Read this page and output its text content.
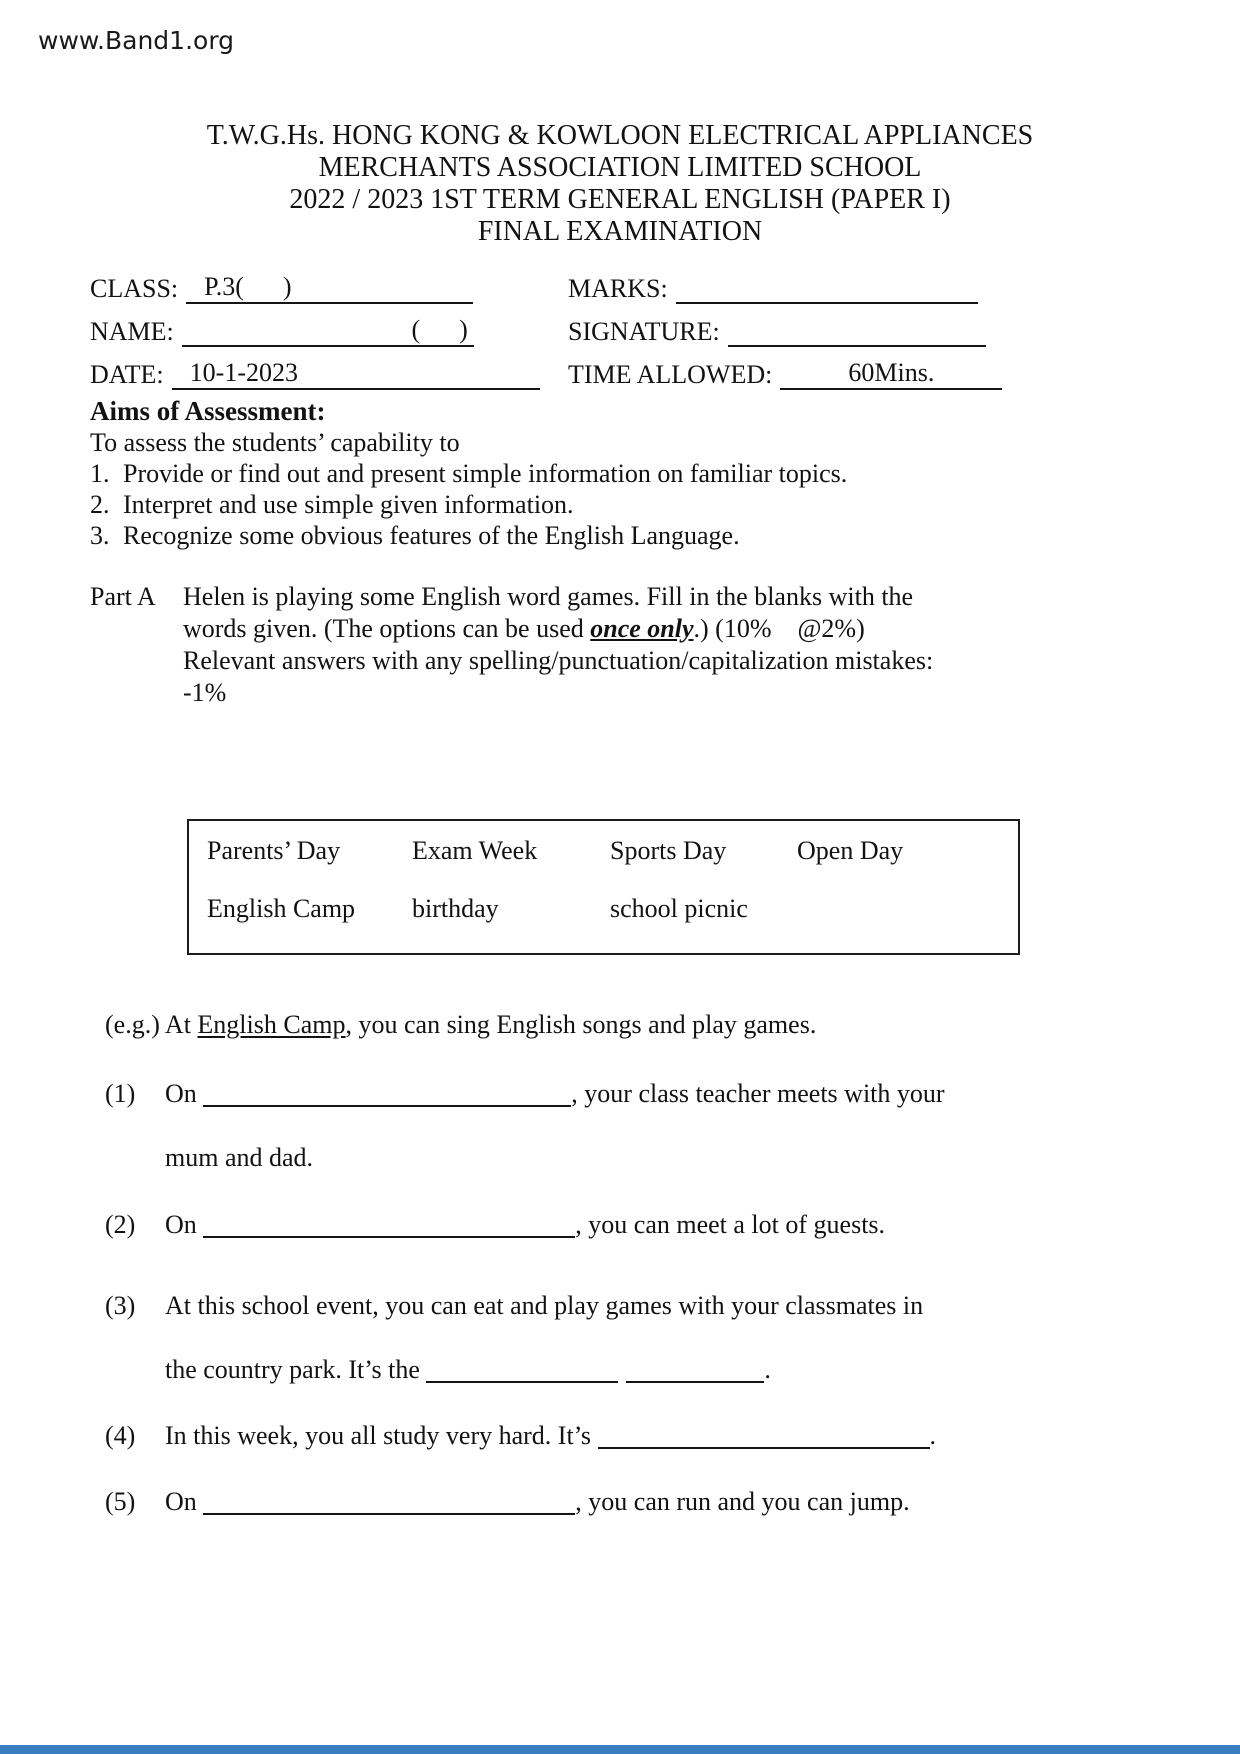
www.Band1.org
T.W.G.Hs. HONG KONG & KOWLOON ELECTRICAL APPLIANCES
MERCHANTS ASSOCIATION LIMITED SCHOOL
2022 / 2023 1ST TERM GENERAL ENGLISH (PAPER I)
FINAL EXAMINATION
CLASS:	P.3(      )	MARKS:
NAME:	(      )	SIGNATURE:
DATE:	10-1-2023	TIME ALLOWED:	60Mins.
Aims of Assessment:
To assess the students’ capability to
1. Provide or find out and present simple information on familiar topics.
2. Interpret and use simple given information.
3. Recognize some obvious features of the English Language.
Part A	Helen is playing some English word games. Fill in the blanks with the
words given. (The options can be used once only.) (10%    @2%)
Relevant answers with any spelling/punctuation/capitalization mistakes:
-1%
Parents’ Day	Exam Week	Sports Day	Open Day
English Camp	birthday	school picnic
(e.g.) At English Camp, you can sing English songs and play games.
(1)	On	, your class teacher meets with your
mum and dad.
(2)	On	, you can meet a lot of guests.
(3)	At this school event, you can eat and play games with your classmates in
the country park. It’s the	.
(4)	In this week, you all study very hard. It’s	.
(5)	On	, you can run and you can jump.
